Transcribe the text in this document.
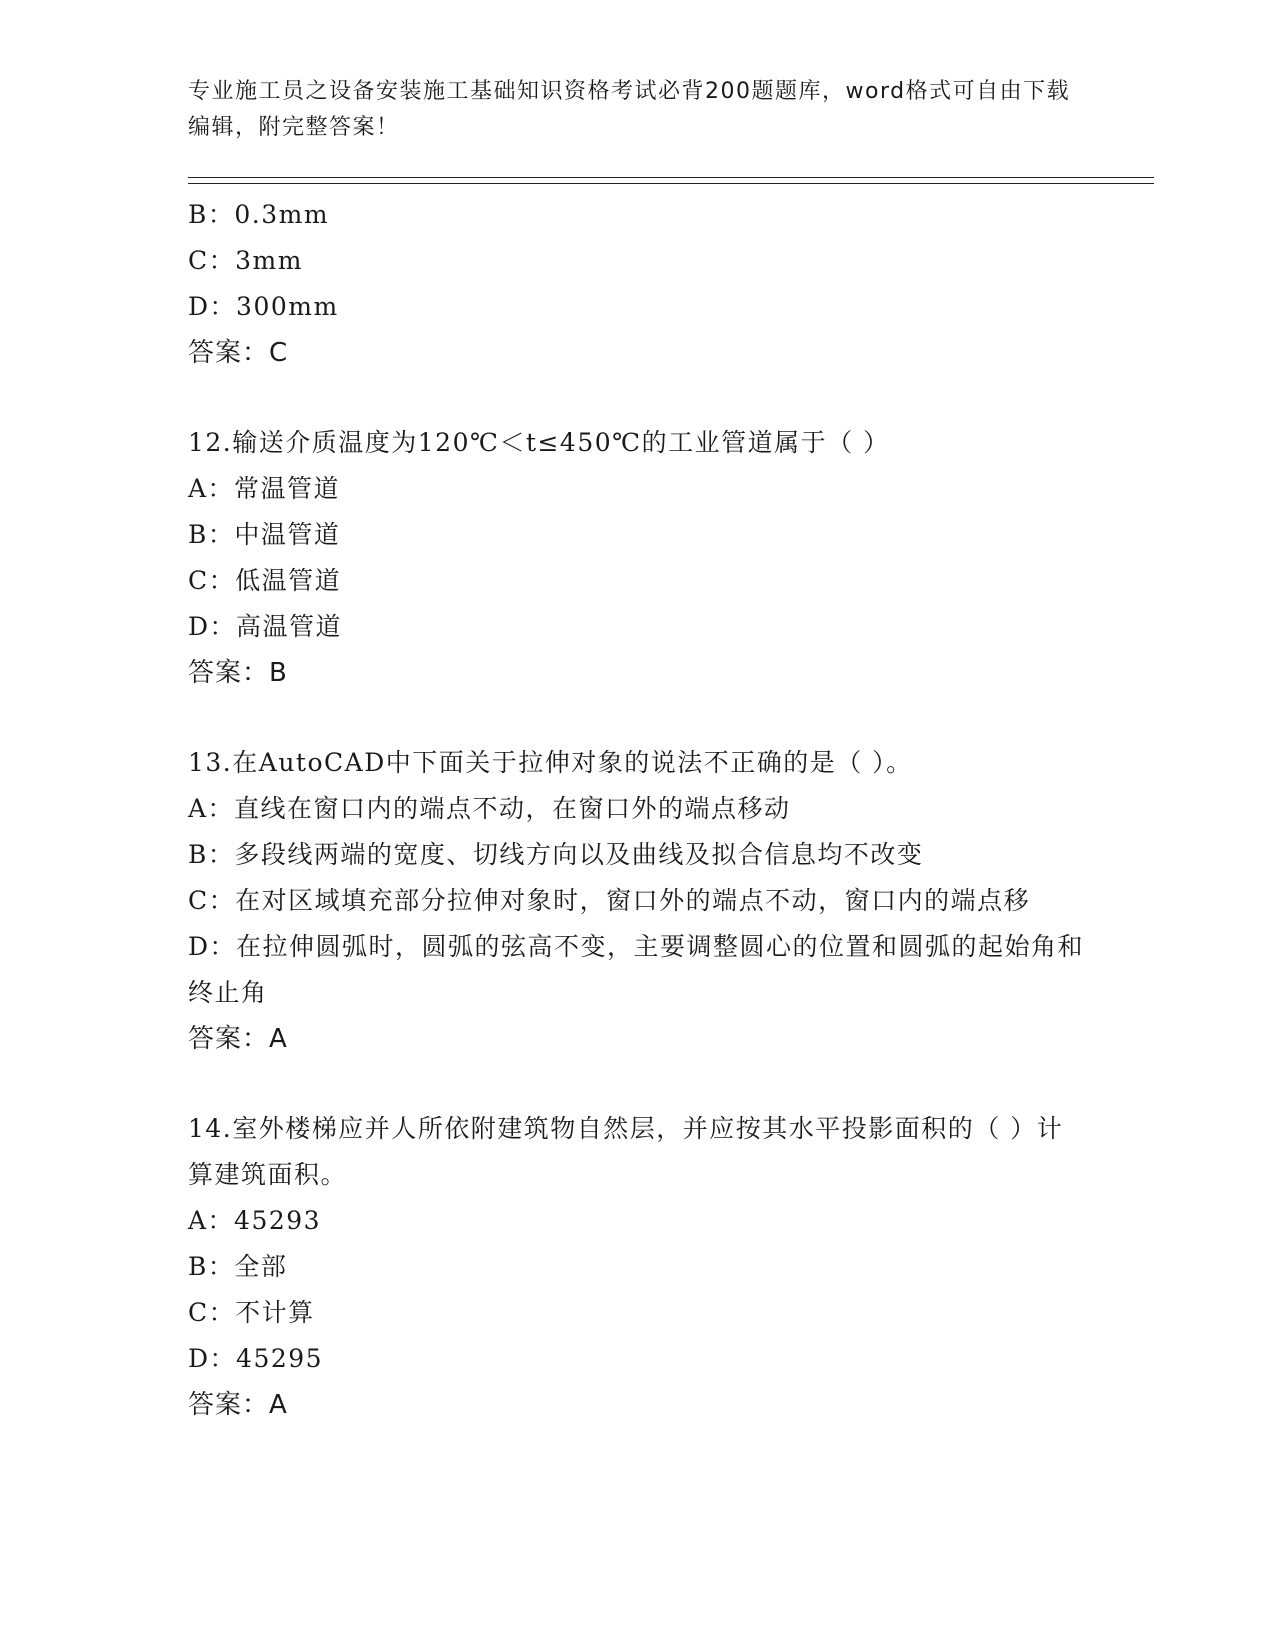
专业施工员之设备安装施工基础知识资格考试必背200题题库，word格式可自由下载编辑，附完整答案！

B：0.3mm

C：3mm

D：300mm

答案：C

12.输送介质温度为120℃＜t≤450℃的工业管道属于（ ）

A：常温管道

B：中温管道

C：低温管道

D：高温管道

答案：B

13.在AutoCAD中下面关于拉伸对象的说法不正确的是（ ）。

A：直线在窗口内的端点不动，在窗口外的端点移动

B：多段线两端的宽度、切线方向以及曲线及拟合信息均不改变

C：在对区域填充部分拉伸对象时，窗口外的端点不动，窗口内的端点移

D：在拉伸圆弧时，圆弧的弦高不变，主要调整圆心的位置和圆弧的起始角和终止角

答案：A

14.室外楼梯应并人所依附建筑物自然层，并应按其水平投影面积的（ ）计算建筑面积。

A：45293

B：全部

C：不计算

D：45295

答案：A
